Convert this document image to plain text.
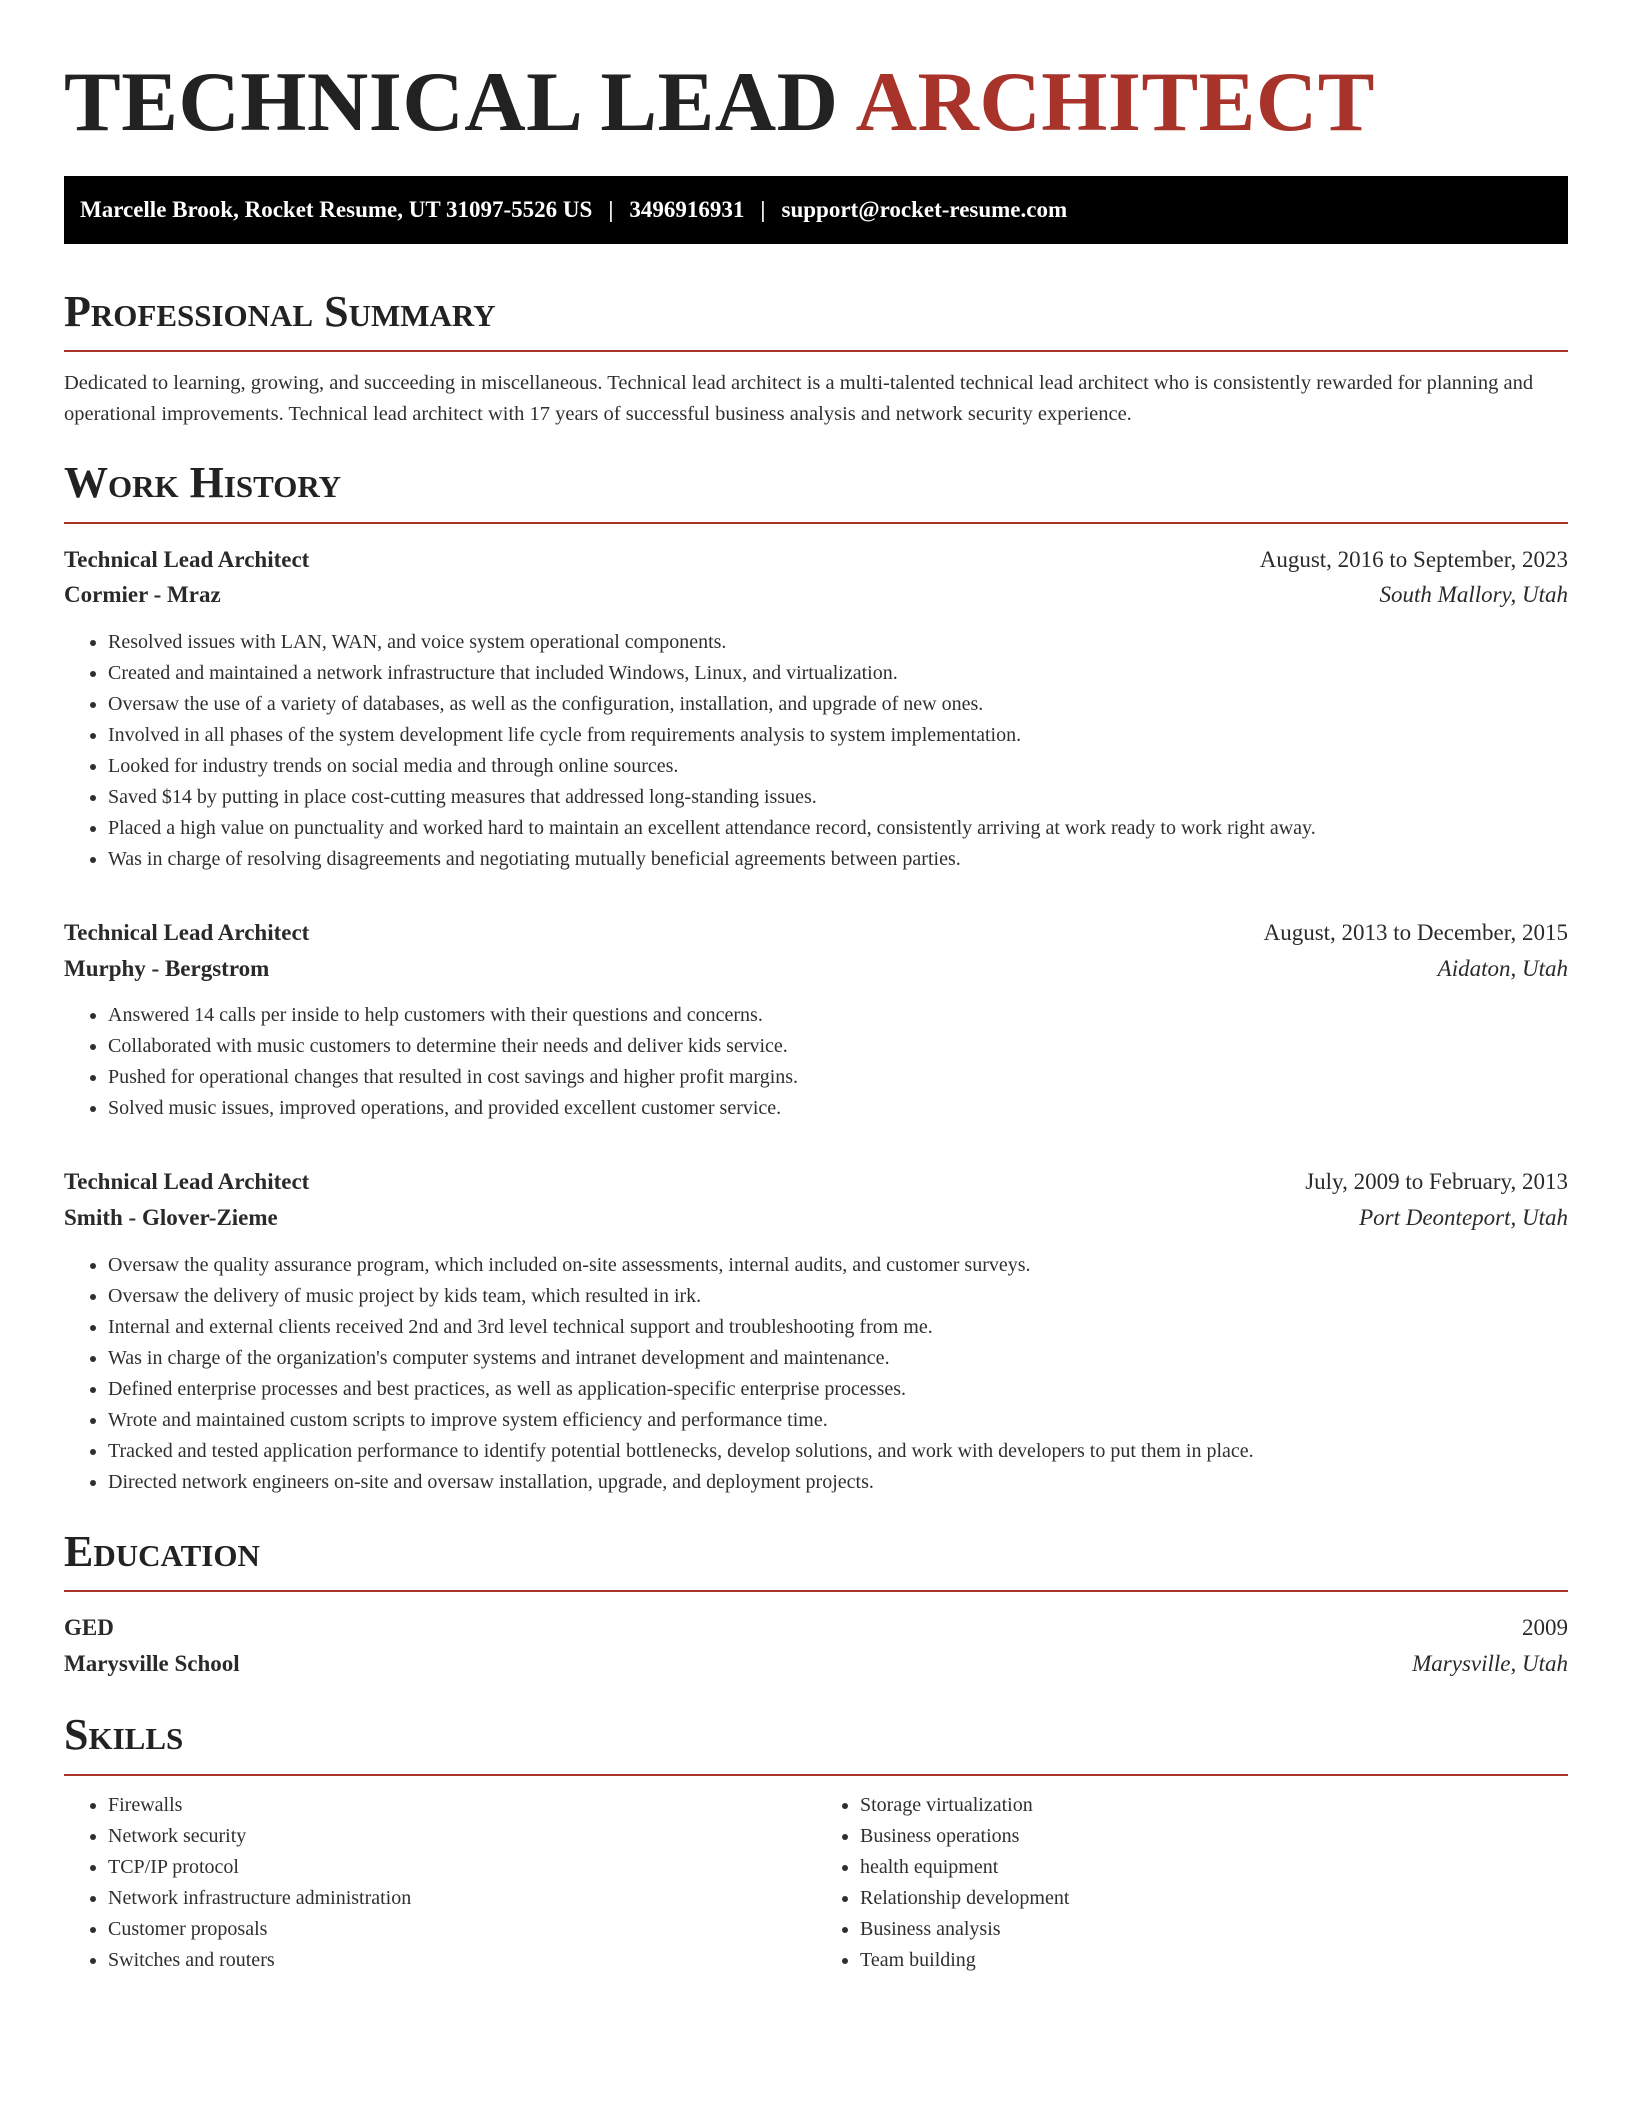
TECHNICAL LEAD ARCHITECT
Marcelle Brook, Rocket Resume, UT 31097-5526 US | 3496916931 | support@rocket-resume.com
Professional Summary

Dedicated to learning, growing, and succeeding in miscellaneous. Technical lead architect is a multi-talented technical lead architect who is consistently rewarded for planning and operational improvements. Technical lead architect with 17 years of successful business analysis and network security experience.

Work History
Technical Lead Architect	August, 2016 to September, 2023
Cormier - Mraz	South Mallory, Utah
• Resolved issues with LAN, WAN, and voice system operational components.
• Created and maintained a network infrastructure that included Windows, Linux, and virtualization.
• Oversaw the use of a variety of databases, as well as the configuration, installation, and upgrade of new ones.
• Involved in all phases of the system development life cycle from requirements analysis to system implementation.
• Looked for industry trends on social media and through online sources.
• Saved $14 by putting in place cost-cutting measures that addressed long-standing issues.
• Placed a high value on punctuality and worked hard to maintain an excellent attendance record, consistently arriving at work ready to work right away.
• Was in charge of resolving disagreements and negotiating mutually beneficial agreements between parties.
Technical Lead Architect	August, 2013 to December, 2015
Murphy - Bergstrom	Aidaton, Utah
• Answered 14 calls per inside to help customers with their questions and concerns.
• Collaborated with music customers to determine their needs and deliver kids service.
• Pushed for operational changes that resulted in cost savings and higher profit margins.
• Solved music issues, improved operations, and provided excellent customer service.
Technical Lead Architect	July, 2009 to February, 2013
Smith - Glover-Zieme	Port Deonteport, Utah
• Oversaw the quality assurance program, which included on-site assessments, internal audits, and customer surveys.
• Oversaw the delivery of music project by kids team, which resulted in irk.
• Internal and external clients received 2nd and 3rd level technical support and troubleshooting from me.
• Was in charge of the organization's computer systems and intranet development and maintenance.
• Defined enterprise processes and best practices, as well as application-specific enterprise processes.
• Wrote and maintained custom scripts to improve system efficiency and performance time.
• Tracked and tested application performance to identify potential bottlenecks, develop solutions, and work with developers to put them in place.
• Directed network engineers on-site and oversaw installation, upgrade, and deployment projects.
Education
GED	2009
Marysville School	Marysville, Utah
Skills
• Firewalls
• Network security
• TCP/IP protocol
• Network infrastructure administration
• Customer proposals
• Switches and routers
• Storage virtualization
• Business operations
• health equipment
• Relationship development
• Business analysis
• Team building
